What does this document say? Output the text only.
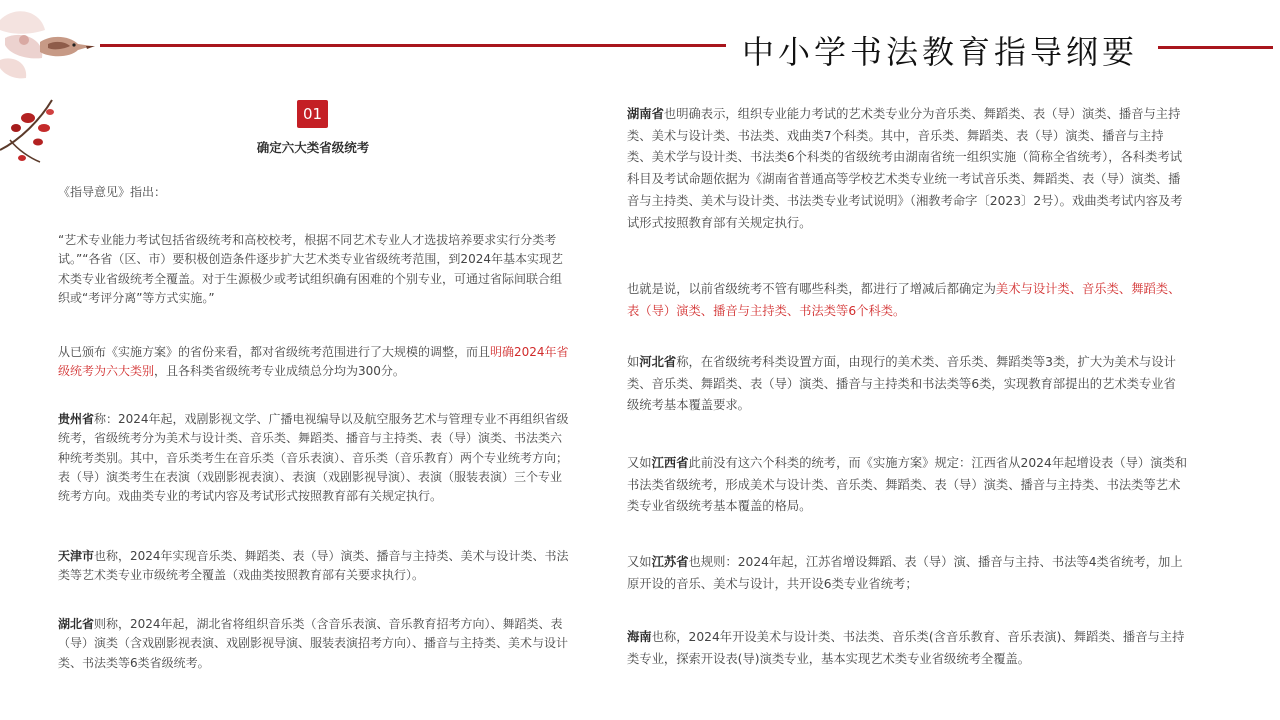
中小学书法教育指导纲要
01
确定六大类省级统考

《指导意见》指出：

“艺术专业能力考试包括省级统考和高校校考，根据不同艺术专业人才选拔培养要求实行分类考试。”“各省（区、市）要积极创造条件逐步扩大艺术类专业省级统考范围，到2024年基本实现艺术类专业省级统考全覆盖。对于生源极少或考试组织确有困难的个别专业，可通过省际间联合组织或“考评分离”等方式实施。”

从已颁布《实施方案》的省份来看，都对省级统考范围进行了大规模的调整，而且明确2024年省级统考为六大类别，且各科类省级统考专业成绩总分均为300分。

贵州省称：2024年起，戏剧影视文学、广播电视编导以及航空服务艺术与管理专业不再组织省级统考，省级统考分为美术与设计类、音乐类、舞蹈类、播音与主持类、表（导）演类、书法类六种统考类别。其中，音乐类考生在音乐类（音乐表演）、音乐类（音乐教育）两个专业统考方向；表（导）演类考生在表演（戏剧影视表演）、表演（戏剧影视导演）、表演（服装表演）三个专业统考方向。戏曲类专业的考试内容及考试形式按照教育部有关规定执行。

天津市也称，2024年实现音乐类、舞蹈类、表（导）演类、播音与主持类、美术与设计类、书法类等艺术类专业市级统考全覆盖（戏曲类按照教育部有关要求执行）。

湖北省则称，2024年起，湖北省将组织音乐类（含音乐表演、音乐教育招考方向）、舞蹈类、表（导）演类（含戏剧影视表演、戏剧影视导演、服装表演招考方向）、播音与主持类、美术与设计类、书法类等6类省级统考。

湖南省也明确表示，组织专业能力考试的艺术类专业分为音乐类、舞蹈类、表（导）演类、播音与主持类、美术与设计类、书法类、戏曲类7个科类。其中，音乐类、舞蹈类、表（导）演类、播音与主持类、美术学与设计类、书法类6个科类的省级统考由湖南省统一组织实施（简称全省统考），各科类考试科目及考试命题依据为《湖南省普通高等学校艺术类专业统一考试音乐类、舞蹈类、表（导）演类、播音与主持类、美术与设计类、书法类专业考试说明》（湘教考命字〔2023〕2号）。戏曲类考试内容及考试形式按照教育部有关规定执行。

也就是说，以前省级统考不管有哪些科类，都进行了增减后都确定为美术与设计类、音乐类、舞蹈类、表（导）演类、播音与主持类、书法类等6个科类。

如河北省称，在省级统考科类设置方面，由现行的美术类、音乐类、舞蹈类等3类，扩大为美术与设计类、音乐类、舞蹈类、表（导）演类、播音与主持类和书法类等6类，实现教育部提出的艺术类专业省级统考基本覆盖要求。

又如江西省此前没有这六个科类的统考，而《实施方案》规定：江西省从2024年起增设表（导）演类和书法类省级统考，形成美术与设计类、音乐类、舞蹈类、表（导）演类、播音与主持类、书法类等艺术类专业省级统考基本覆盖的格局。

又如江苏省也规则：2024年起，江苏省增设舞蹈、表（导）演、播音与主持、书法等4类省统考，加上原开设的音乐、美术与设计，共开设6类专业省统考；

海南也称，2024年开设美术与设计类、书法类、音乐类(含音乐教育、音乐表演)、舞蹈类、播音与主持类专业，探索开设表(导)演类专业，基本实现艺术类专业省级统考全覆盖。
